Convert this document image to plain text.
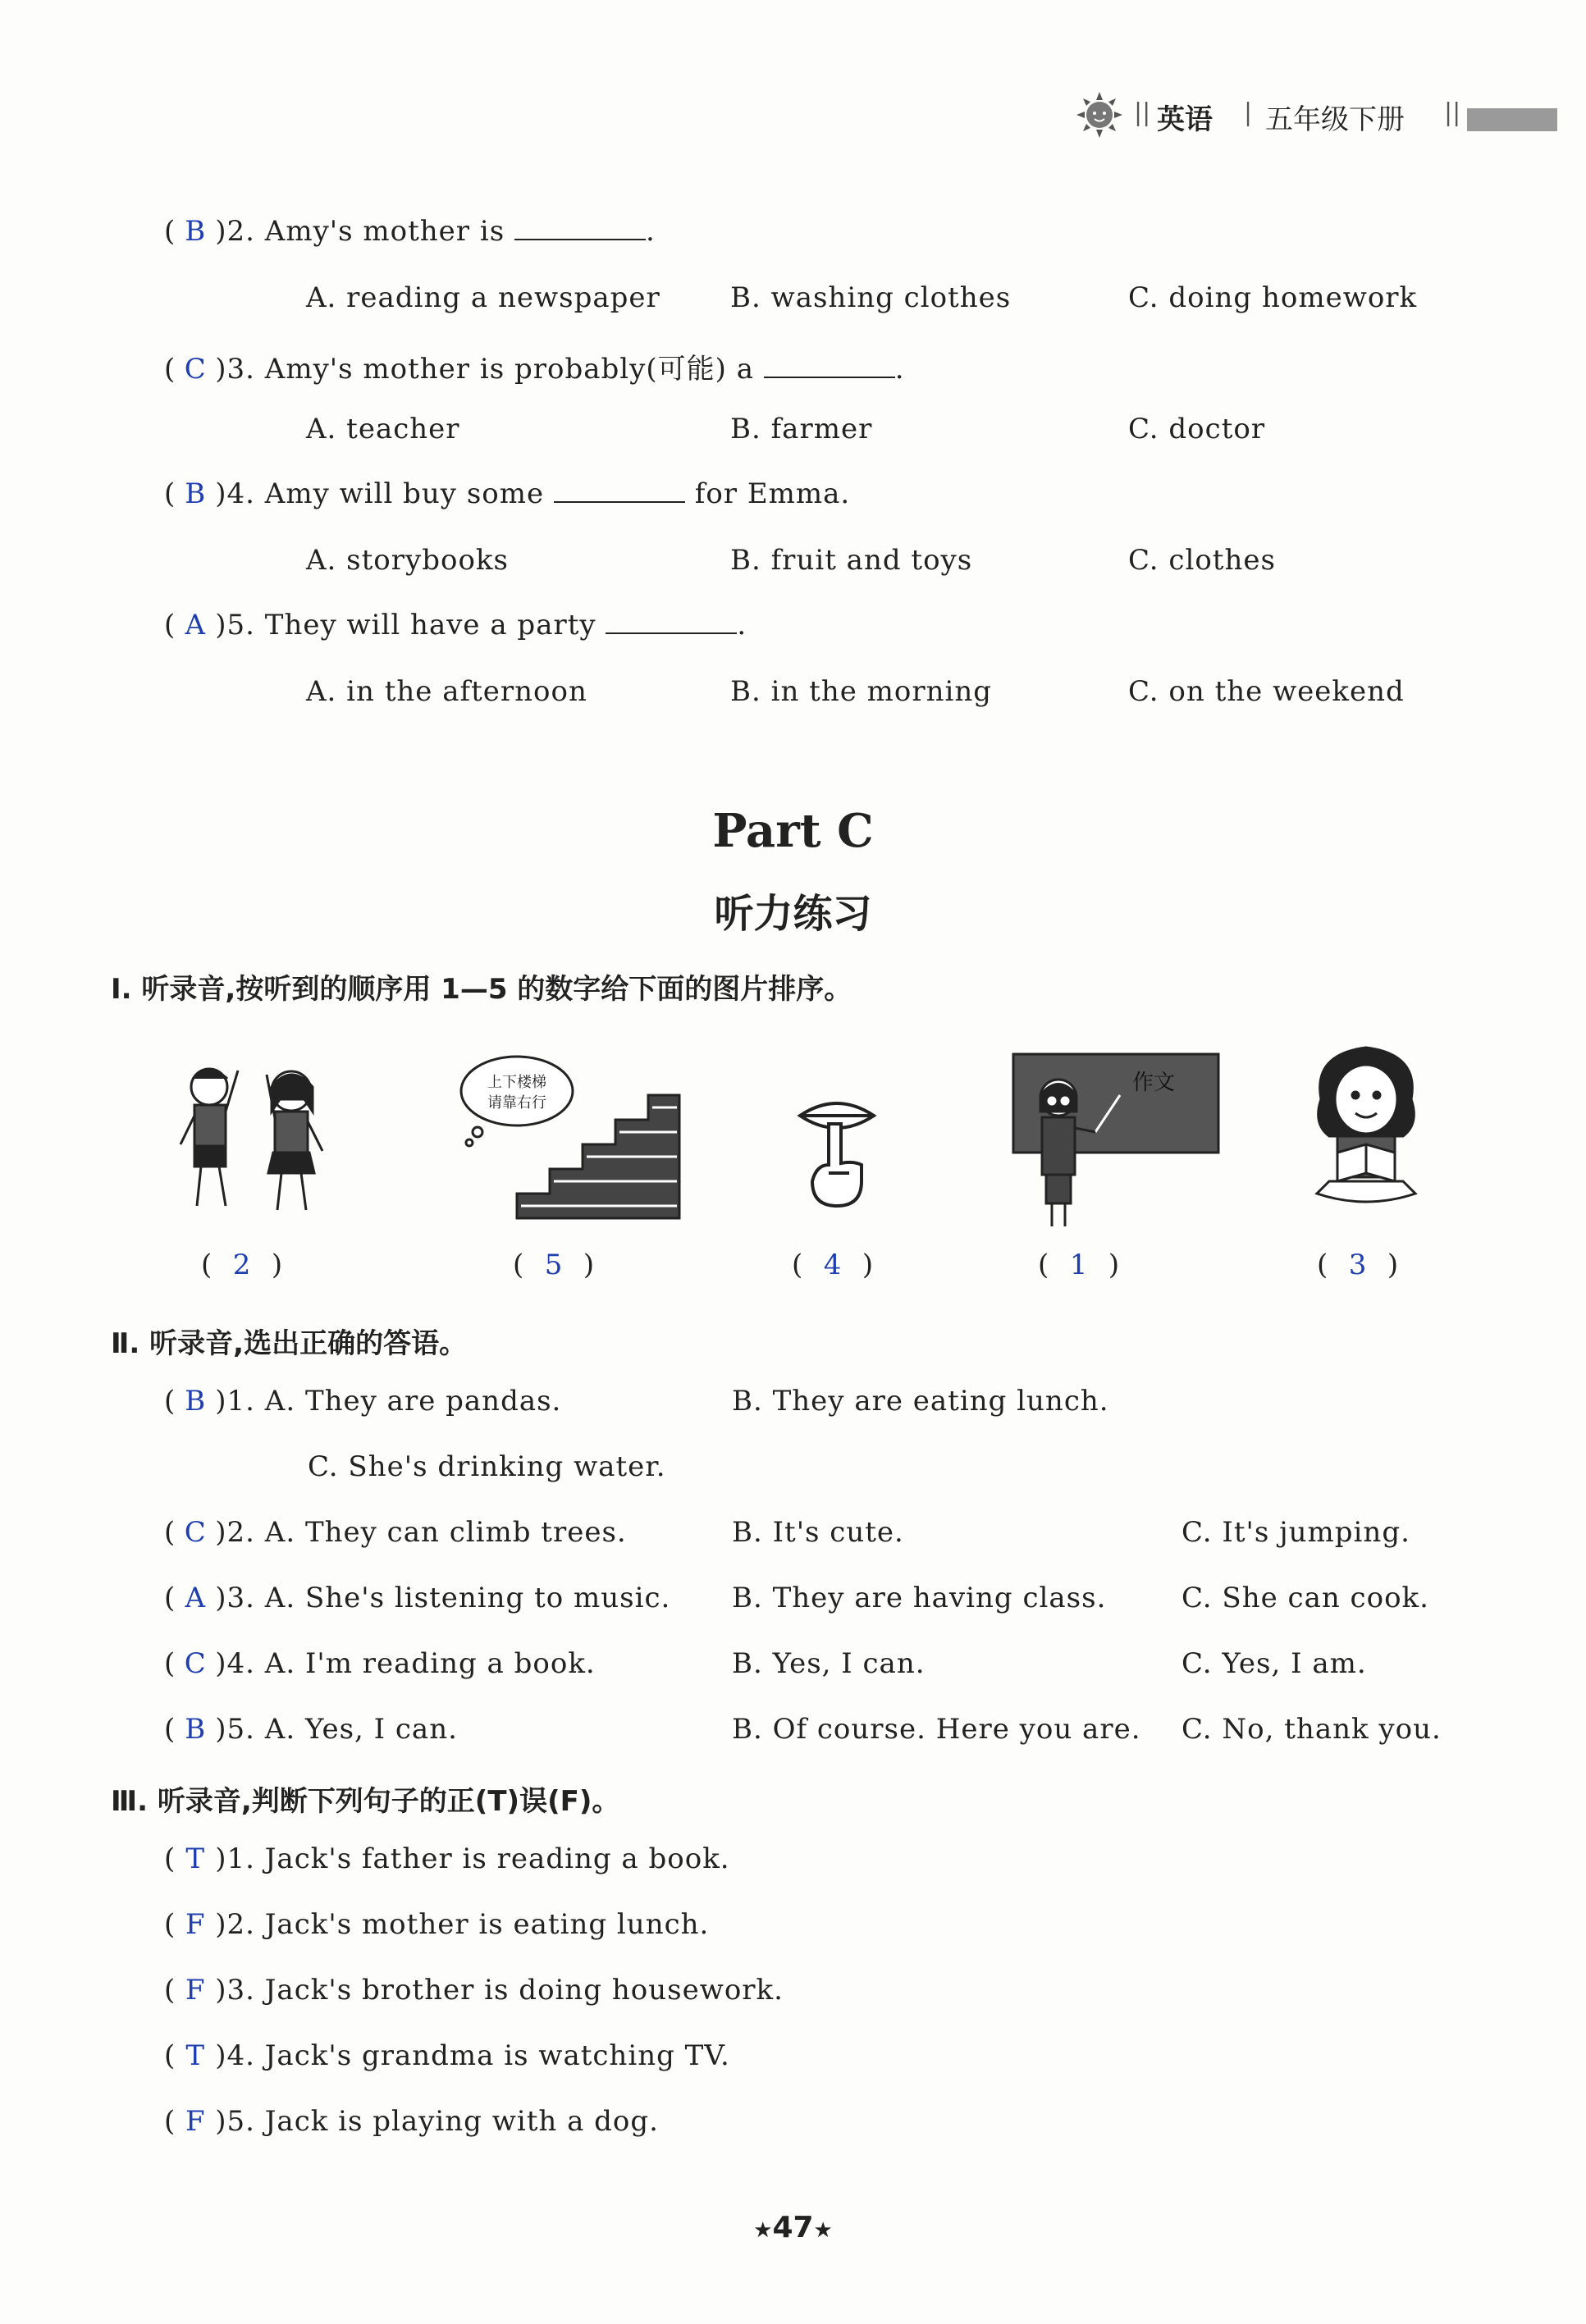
|| 英语 | 五年级下册 ||
( B )2. Amy's mother is	.
A. reading a newspaper	B. washing clothes	C. doing homework
( C )3. Amy's mother is probably(可能) a	.
A. teacher	B. farmer	C. doctor
( B )4. Amy will buy some	for Emma.
A. storybooks	B. fruit and toys	C. clothes
( A )5. They will have a party	.
A. in the afternoon	B. in the morning	C. on the weekend
Part C
听力练习
Ⅰ. 听录音,按听到的顺序用 1—5 的数字给下面的图片排序。
上下楼梯
请靠右行
作文
( 2 )	( 5 )	( 4 )	( 1 )	( 3 )
Ⅱ. 听录音,选出正确的答语。
( B )1. A. They are pandas.	B. They are eating lunch.
C. She's drinking water.
( C )2. A. They can climb trees.	B. It's cute.	C. It's jumping.
( A )3. A. She's listening to music. B. They are having class.	C. She can cook.
( C )4. A. I'm reading a book.	B. Yes, I can.	C. Yes, I am.
( B )5. A. Yes, I can.	B. Of course. Here you are. C. No, thank you.
Ⅲ. 听录音,判断下列句子的正(T)误(F)。
( T )1. Jack's father is reading a book.
( F )2. Jack's mother is eating lunch.
( F )3. Jack's brother is doing housework.
( T )4. Jack's grandma is watching TV.
( F )5. Jack is playing with a dog.
★47★
